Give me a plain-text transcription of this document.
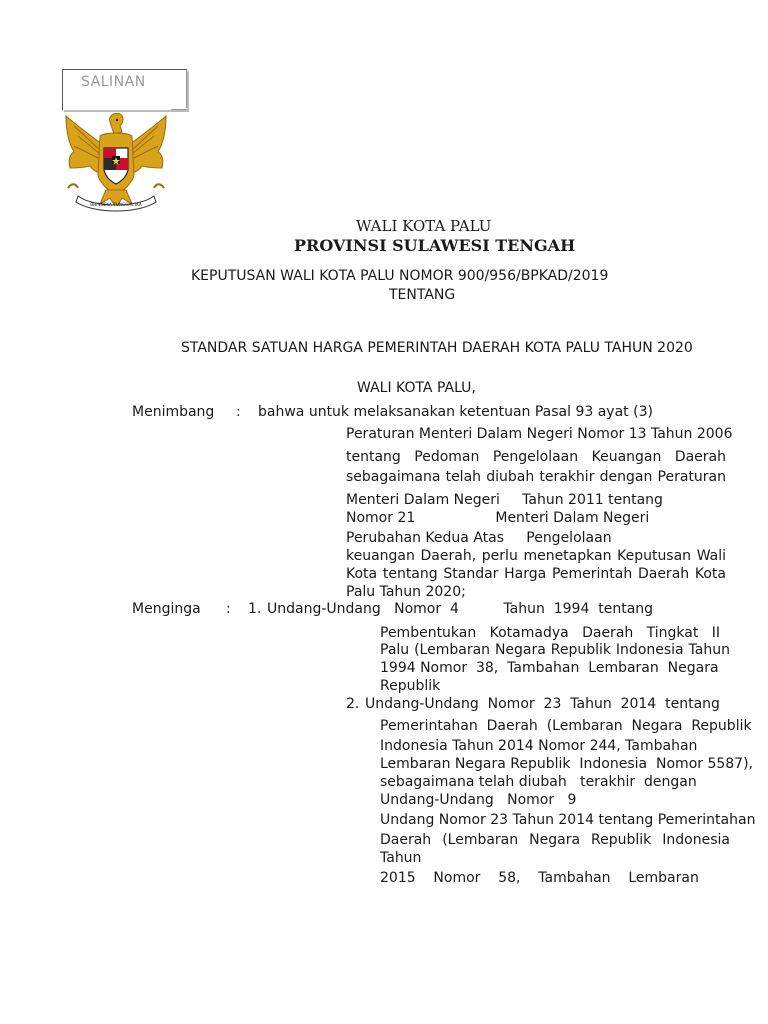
SALINAN
BHINNEKA TUNGGAL IKA
WALI KOTA PALU
PROVINSI SULAWESI TENGAH
KEPUTUSAN WALI KOTA PALU NOMOR 900/956/BPKAD/2019
TENTANG
STANDAR SATUAN HARGA PEMERINTAH DAERAH KOTA PALU TAHUN 2020
WALI KOTA PALU,
Menimbang : bahwa untuk melaksanakan ketentuan Pasal 93 ayat (3)
Peraturan Menteri Dalam Negeri Nomor 13 Tahun 2006
tentang Pedoman Pengelolaan Keuangan Daerah
sebagaimana telah diubah terakhir dengan Peraturan
Menteri Dalam Negeri     Tahun 2011 tentang
Nomor 21                  Menteri Dalam Negeri
Perubahan Kedua Atas     Pengelolaan
keuangan Daerah, perlu menetapkan Keputusan Wali
Kota tentang Standar Harga Pemerintah Daerah Kota
Palu Tahun 2020;
Menginga : 1. Undang-Undang   Nomor  4          Tahun  1994  tentang
Pembentukan Kotamadya Daerah Tingkat II
Palu (Lembaran Negara Republik Indonesia Tahun
1994 Nomor  38,  Tambahan  Lembaran  Negara
Republik
2. Undang-Undang  Nomor  23  Tahun  2014  tentang
Pemerintahan  Daerah  (Lembaran  Negara  Republik
Indonesia Tahun 2014 Nomor 244, Tambahan
Lembaran Negara Republik  Indonesia  Nomor 5587),
sebagaimana telah diubah   terakhir  dengan
Undang-Undang   Nomor   9
Undang Nomor 23 Tahun 2014 tentang Pemerintahan
Daerah (Lembaran Negara Republik Indonesia
Tahun
2015    Nomor    58,    Tambahan    Lembaran
